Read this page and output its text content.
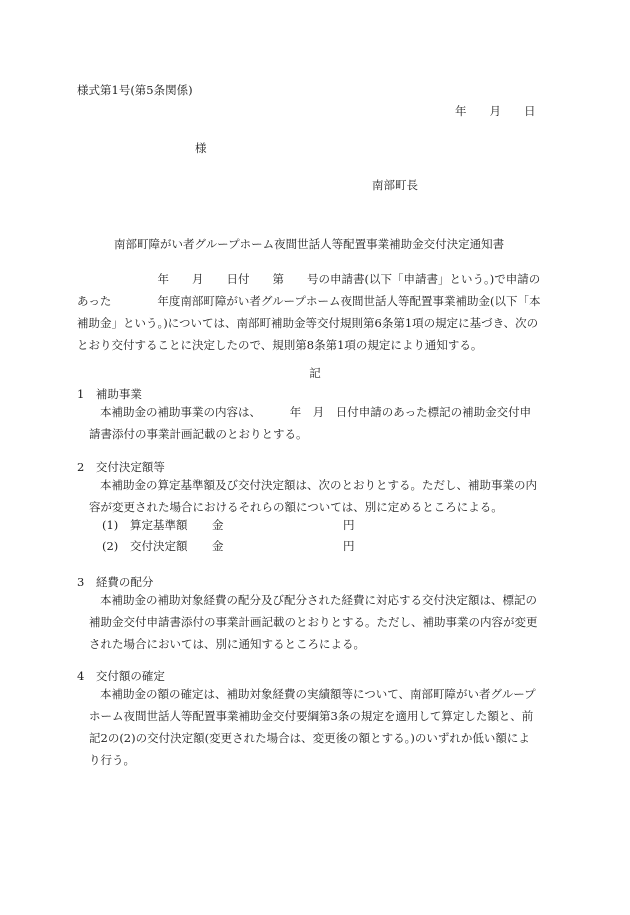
様式第1号(第5条関係)
年　　月　　日
様
南部町長
南部町障がい者グループホーム夜間世話人等配置事業補助金交付決定通知書
　　　　　　　年　　月　　日付　　第　　号の申請書(以下「申請書」という。)で申請の
あった　　　　年度南部町障がい者グループホーム夜間世話人等配置事業補助金(以下「本
補助金」という。)については、南部町補助金等交付規則第6条第1項の規定に基づき、次の
とおり交付することに決定したので、規則第8条第1項の規定により通知する。
記
1　補助事業
本補助金の補助事業の内容は、　　　年　月　日付申請のあった標記の補助金交付申
請書添付の事業計画記載のとおりとする。
2　交付決定額等
本補助金の算定基準額及び交付決定額は、次のとおりとする。ただし、補助事業の内
容が変更された場合におけるそれらの額については、別に定めるところによる。
(1) 算定基準額 金	円
(2) 交付決定額 金	円
3　経費の配分
本補助金の補助対象経費の配分及び配分された経費に対応する交付決定額は、標記の
補助金交付申請書添付の事業計画記載のとおりとする。ただし、補助事業の内容が変更
された場合においては、別に通知するところによる。
4　交付額の確定
本補助金の額の確定は、補助対象経費の実績額等について、南部町障がい者グループ
ホーム夜間世話人等配置事業補助金交付要綱第3条の規定を適用して算定した額と、前
記2の(2)の交付決定額(変更された場合は、変更後の額とする。)のいずれか低い額によ
り行う。
